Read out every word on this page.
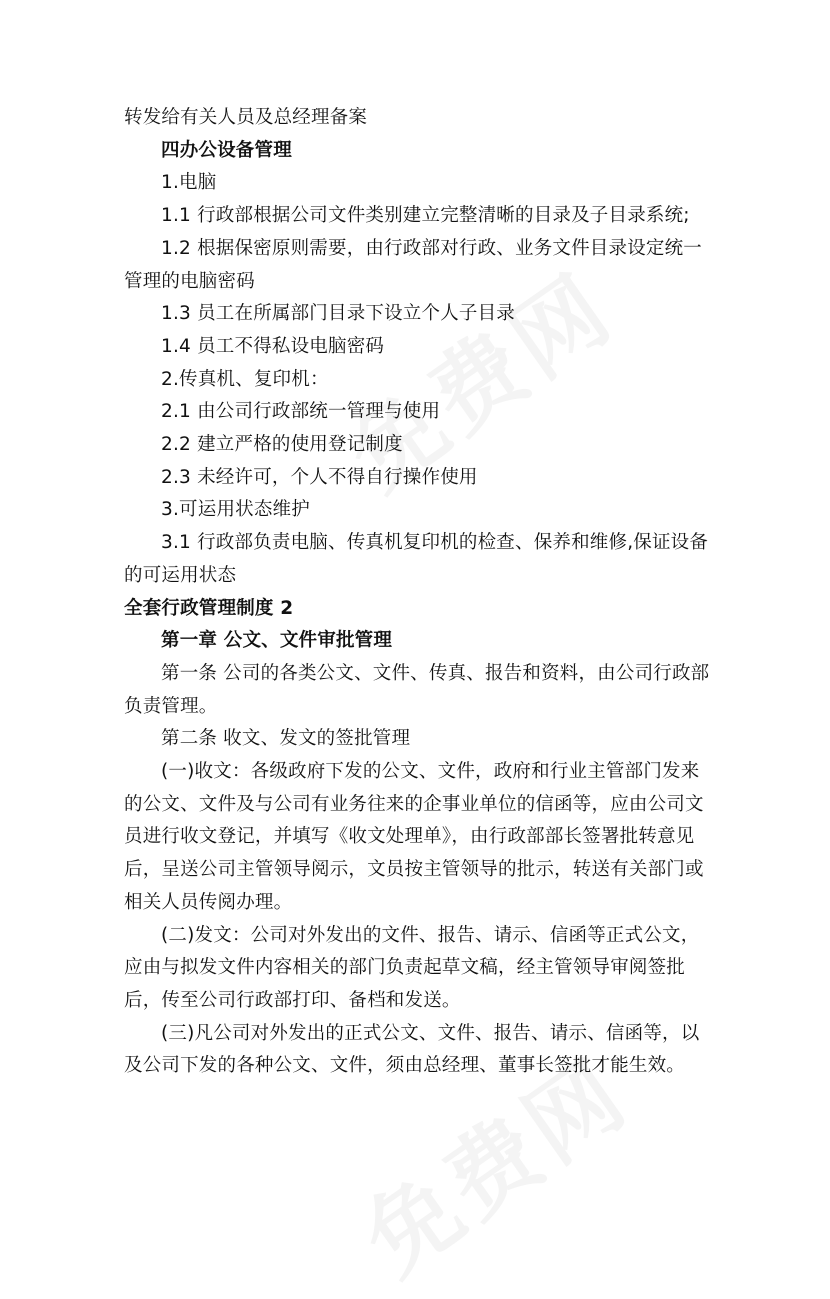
转发给有关人员及总经理备案

四办公设备管理

1.电脑

1.1 行政部根据公司文件类别建立完整清晰的目录及子目录系统;

1.2 根据保密原则需要，由行政部对行政、业务文件目录设定统一管理的电脑密码

1.3 员工在所属部门目录下设立个人子目录

1.4 员工不得私设电脑密码

2.传真机、复印机：

2.1 由公司行政部统一管理与使用

2.2 建立严格的使用登记制度

2.3 未经许可，个人不得自行操作使用

3.可运用状态维护

3.1 行政部负责电脑、传真机复印机的检查、保养和维修,保证设备的可运用状态

全套行政管理制度 2

第一章 公文、文件审批管理

第一条 公司的各类公文、文件、传真、报告和资料，由公司行政部负责管理。

第二条 收文、发文的签批管理

(一)收文：各级政府下发的公文、文件，政府和行业主管部门发来的公文、文件及与公司有业务往来的企事业单位的信函等，应由公司文员进行收文登记，并填写《收文处理单》，由行政部部长签署批转意见后，呈送公司主管领导阅示，文员按主管领导的批示，转送有关部门或相关人员传阅办理。

(二)发文：公司对外发出的文件、报告、请示、信函等正式公文，应由与拟发文件内容相关的部门负责起草文稿，经主管领导审阅签批后，传至公司行政部打印、备档和发送。

(三)凡公司对外发出的正式公文、文件、报告、请示、信函等，以及公司下发的各种公文、文件，须由总经理、董事长签批才能生效。
